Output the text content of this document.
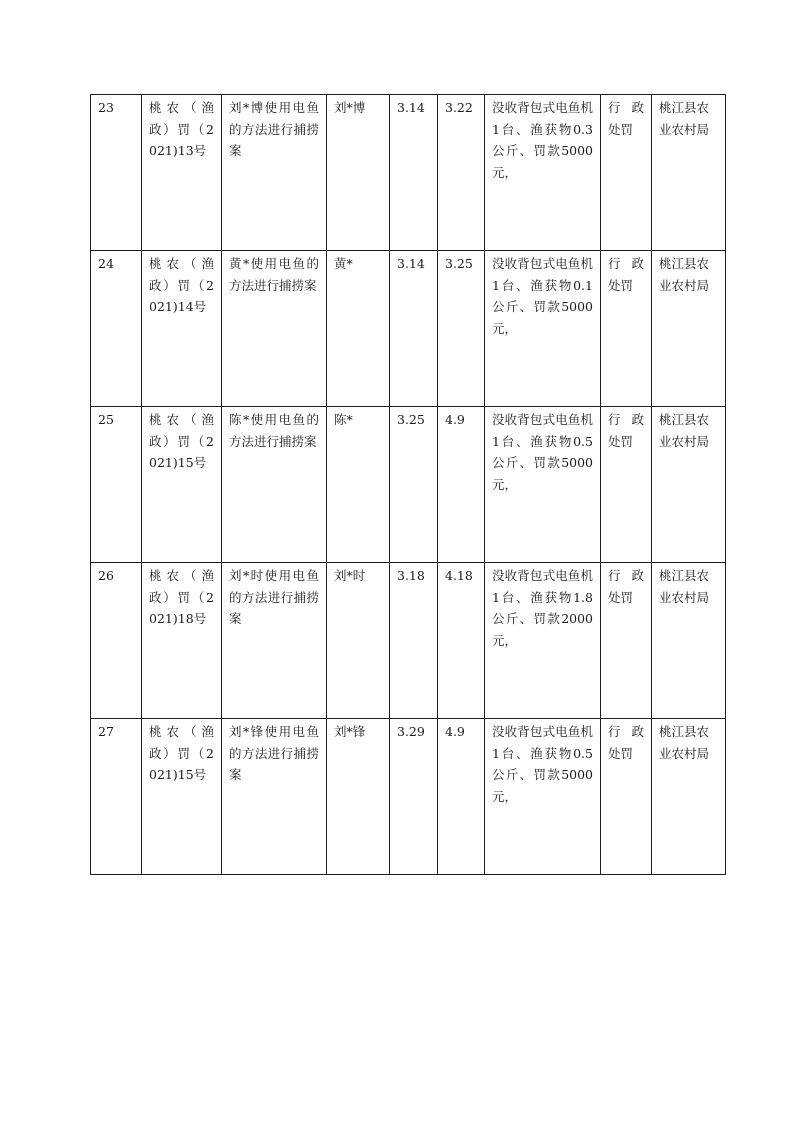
23	桃农（渔政）罚（2021)13号	刘*博使用电鱼的方法进行捕捞案	刘*博	3.14	3.22	没收背包式电鱼机1台、渔获物0.3公斤、罚款5000元，	行 政处罚	桃江县农业农村局
24	桃农（渔政）罚（2021)14号	黄*使用电鱼的方法进行捕捞案	黄*	3.14	3.25	没收背包式电鱼机1台、渔获物0.1公斤、罚款5000元，	行 政处罚	桃江县农业农村局
25	桃农（渔政）罚（2021)15号	陈*使用电鱼的方法进行捕捞案	陈*	3.25	4.9	没收背包式电鱼机1台、渔获物0.5公斤、罚款5000元，	行 政处罚	桃江县农业农村局
26	桃农（渔政）罚（2021)18号	刘*时使用电鱼的方法进行捕捞案	刘*时	3.18	4.18	没收背包式电鱼机1台、渔获物1.8公斤、罚款2000元，	行 政处罚	桃江县农业农村局
27	桃农（渔政）罚（2021)15号	刘*锋使用电鱼的方法进行捕捞案	刘*锋	3.29	4.9	没收背包式电鱼机1台、渔获物0.5公斤、罚款5000元，	行 政处罚	桃江县农业农村局
